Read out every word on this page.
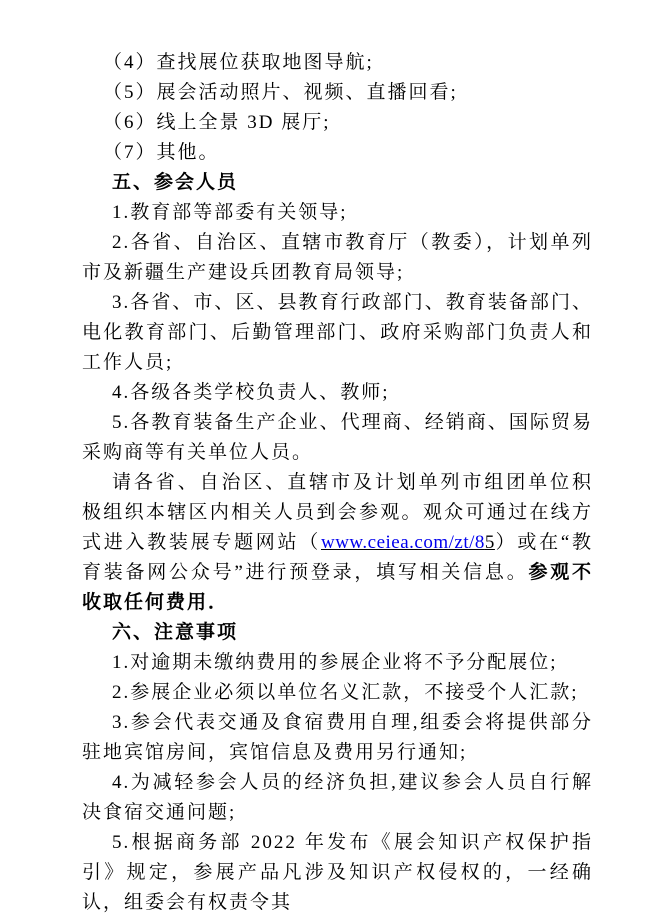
（4）查找展位获取地图导航;

（5）展会活动照片、视频、直播回看;

（6）线上全景 3D 展厅;

（7）其他。

五、参会人员

1.教育部等部委有关领导;

2.各省、自治区、直辖市教育厅（教委），计划单列市及新疆生产建设兵团教育局领导;

3.各省、市、区、县教育行政部门、教育装备部门、电化教育部门、后勤管理部门、政府采购部门负责人和工作人员;

4.各级各类学校负责人、教师;

5.各教育装备生产企业、代理商、经销商、国际贸易采购商等有关单位人员。

请各省、自治区、直辖市及计划单列市组团单位积极组织本辖区内相关人员到会参观。观众可通过在线方式进入教装展专题网站（www.ceiea.com/zt/85）或在“教育装备网公众号”进行预登录，填写相关信息。参观不收取任何费用．

六、注意事项

1.对逾期未缴纳费用的参展企业将不予分配展位;

2.参展企业必须以单位名义汇款，不接受个人汇款;

3.参会代表交通及食宿费用自理,组委会将提供部分驻地宾馆房间，宾馆信息及费用另行通知;

4.为减轻参会人员的经济负担,建议参会人员自行解决食宿交通问题;

5.根据商务部 2022 年发布《展会知识产权保护指引》规定，参展产品凡涉及知识产权侵权的，一经确认，组委会有权责令其
